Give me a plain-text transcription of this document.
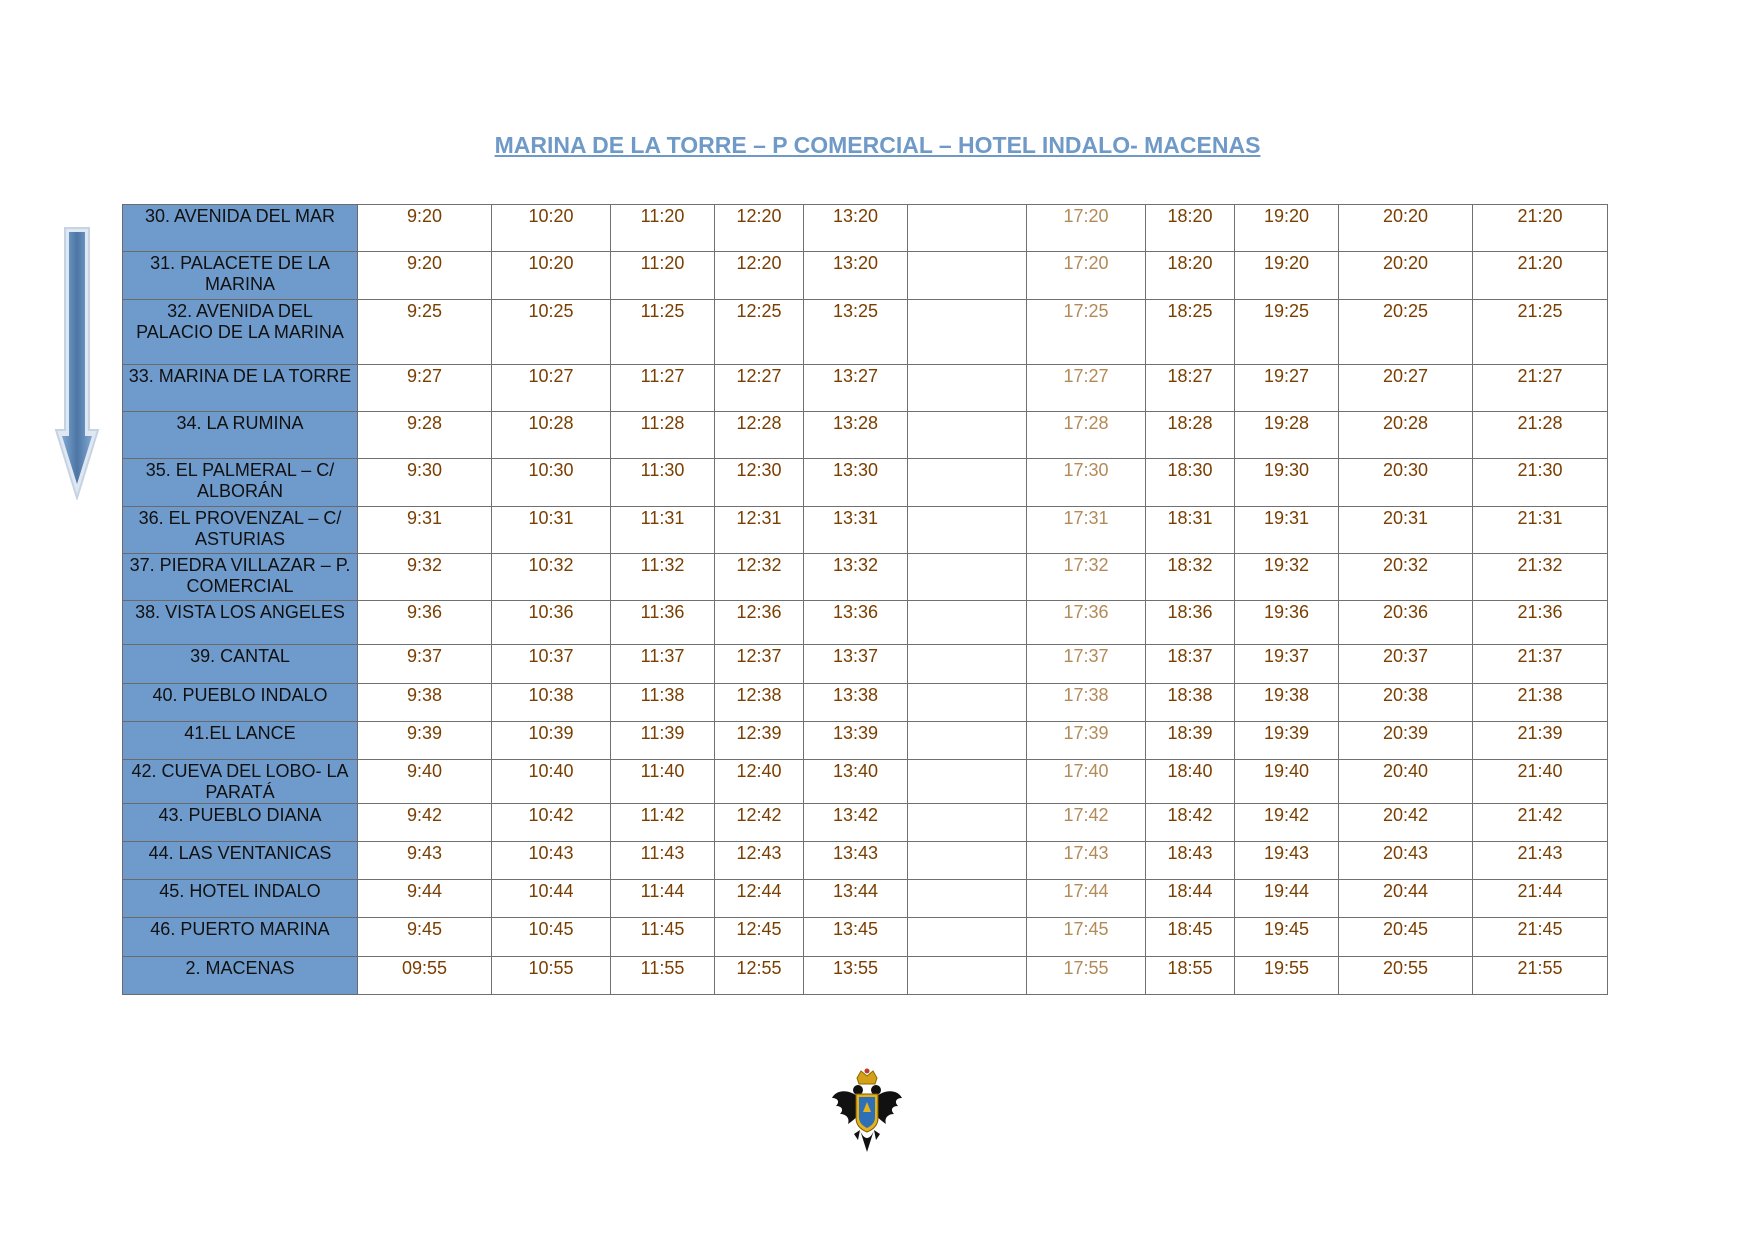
MARINA DE LA TORRE – P COMERCIAL – HOTEL INDALO- MACENAS
30. AVENIDA DEL MAR	9:20	10:20	11:20	12:20	13:20		17:20	18:20	19:20	20:20	21:20
31. PALACETE DE LA MARINA	9:20	10:20	11:20	12:20	13:20		17:20	18:20	19:20	20:20	21:20
32. AVENIDA DEL PALACIO DE LA MARINA	9:25	10:25	11:25	12:25	13:25		17:25	18:25	19:25	20:25	21:25
33. MARINA DE LA TORRE	9:27	10:27	11:27	12:27	13:27		17:27	18:27	19:27	20:27	21:27
34. LA RUMINA	9:28	10:28	11:28	12:28	13:28		17:28	18:28	19:28	20:28	21:28
35. EL PALMERAL – C/ ALBORÁN	9:30	10:30	11:30	12:30	13:30		17:30	18:30	19:30	20:30	21:30
36. EL PROVENZAL – C/ ASTURIAS	9:31	10:31	11:31	12:31	13:31		17:31	18:31	19:31	20:31	21:31
37. PIEDRA VILLAZAR – P. COMERCIAL	9:32	10:32	11:32	12:32	13:32		17:32	18:32	19:32	20:32	21:32
38. VISTA LOS ANGELES	9:36	10:36	11:36	12:36	13:36		17:36	18:36	19:36	20:36	21:36
39. CANTAL	9:37	10:37	11:37	12:37	13:37		17:37	18:37	19:37	20:37	21:37
40. PUEBLO INDALO	9:38	10:38	11:38	12:38	13:38		17:38	18:38	19:38	20:38	21:38
41.EL LANCE	9:39	10:39	11:39	12:39	13:39		17:39	18:39	19:39	20:39	21:39
42. CUEVA DEL LOBO- LA PARATÁ	9:40	10:40	11:40	12:40	13:40		17:40	18:40	19:40	20:40	21:40
43. PUEBLO DIANA	9:42	10:42	11:42	12:42	13:42		17:42	18:42	19:42	20:42	21:42
44. LAS VENTANICAS	9:43	10:43	11:43	12:43	13:43		17:43	18:43	19:43	20:43	21:43
45. HOTEL INDALO	9:44	10:44	11:44	12:44	13:44		17:44	18:44	19:44	20:44	21:44
46. PUERTO MARINA	9:45	10:45	11:45	12:45	13:45		17:45	18:45	19:45	20:45	21:45
2. MACENAS	09:55	10:55	11:55	12:55	13:55		17:55	18:55	19:55	20:55	21:55
